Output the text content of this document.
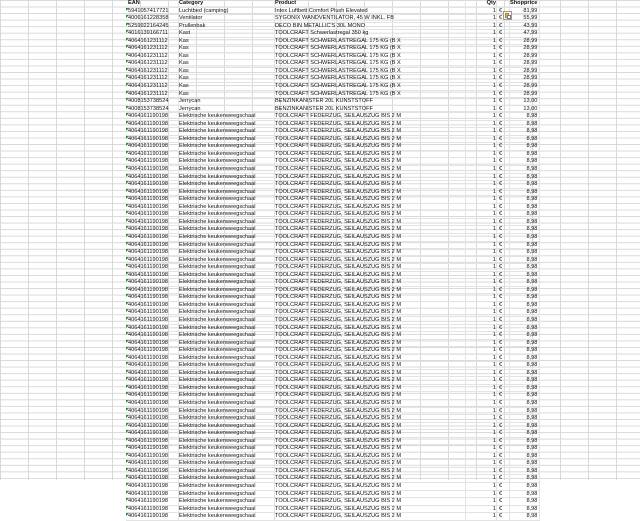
EAN	Category	Product	Qty		Shopprice

5941057417721	Luchtbed (camping)	Intex Luftbett Comfort Plush Elevated	1	€	81,99

4006161228358	Ventilator	SYGONIX WANDVENTILATOR, 45 W INKL. FB	1	€	55,99

5259922164245	Prullenbak	DECO BIN METALLIC'S 30L MONO	1	€	43,99

4016139166711	Kast	TOOLCRAFT Schwerlastregal 350 kg	1	€	47,99

4064161231112	Kas	TOOLCRAFT SCHWERLASTREGAL 175 KG (B X	1	€	28,99

4064161231112	Kas	TOOLCRAFT SCHWERLASTREGAL 175 KG (B X	1	€	28,99

4064161231112	Kas	TOOLCRAFT SCHWERLASTREGAL 175 KG (B X	1	€	28,99

4064161231112	Kas	TOOLCRAFT SCHWERLASTREGAL 175 KG (B X	1	€	28,99

4064161231112	Kas	TOOLCRAFT SCHWERLASTREGAL 175 KG (B X	1	€	28,99

4064161231112	Kas	TOOLCRAFT SCHWERLASTREGAL 175 KG (B X	1	€	28,99

4064161231112	Kas	TOOLCRAFT SCHWERLASTREGAL 175 KG (B X	1	€	28,99

4064161231112	Kas	TOOLCRAFT SCHWERLASTREGAL 175 KG (B X	1	€	28,99

4008153738524	Jerrycan	BENZINKANISTER 20L KUNSTSTOFF	1	€	13,00

4008153738524	Jerrycan	BENZINKANISTER 20L KUNSTSTOFF	1	€	13,00

4064161190198	Elektrische keukenweegschaal	TOOLCRAFT FEDERZUG, SEILAUSZUG BIS 2 M	1	€	8,98

4064161190198	Elektrische keukenweegschaal	TOOLCRAFT FEDERZUG, SEILAUSZUG BIS 2 M	1	€	8,98

4064161190198	Elektrische keukenweegschaal	TOOLCRAFT FEDERZUG, SEILAUSZUG BIS 2 M	1	€	8,98

4064161190198	Elektrische keukenweegschaal	TOOLCRAFT FEDERZUG, SEILAUSZUG BIS 2 M	1	€	8,98

4064161190198	Elektrische keukenweegschaal	TOOLCRAFT FEDERZUG, SEILAUSZUG BIS 2 M	1	€	8,98

4064161190198	Elektrische keukenweegschaal	TOOLCRAFT FEDERZUG, SEILAUSZUG BIS 2 M	1	€	8,98

4064161190198	Elektrische keukenweegschaal	TOOLCRAFT FEDERZUG, SEILAUSZUG BIS 2 M	1	€	8,98

4064161190198	Elektrische keukenweegschaal	TOOLCRAFT FEDERZUG, SEILAUSZUG BIS 2 M	1	€	8,98

4064161190198	Elektrische keukenweegschaal	TOOLCRAFT FEDERZUG, SEILAUSZUG BIS 2 M	1	€	8,98

4064161190198	Elektrische keukenweegschaal	TOOLCRAFT FEDERZUG, SEILAUSZUG BIS 2 M	1	€	8,98

4064161190198	Elektrische keukenweegschaal	TOOLCRAFT FEDERZUG, SEILAUSZUG BIS 2 M	1	€	8,98

4064161190198	Elektrische keukenweegschaal	TOOLCRAFT FEDERZUG, SEILAUSZUG BIS 2 M	1	€	8,98

4064161190198	Elektrische keukenweegschaal	TOOLCRAFT FEDERZUG, SEILAUSZUG BIS 2 M	1	€	8,98

4064161190198	Elektrische keukenweegschaal	TOOLCRAFT FEDERZUG, SEILAUSZUG BIS 2 M	1	€	8,98

4064161190198	Elektrische keukenweegschaal	TOOLCRAFT FEDERZUG, SEILAUSZUG BIS 2 M	1	€	8,98

4064161190198	Elektrische keukenweegschaal	TOOLCRAFT FEDERZUG, SEILAUSZUG BIS 2 M	1	€	8,98

4064161190198	Elektrische keukenweegschaal	TOOLCRAFT FEDERZUG, SEILAUSZUG BIS 2 M	1	€	8,98

4064161190198	Elektrische keukenweegschaal	TOOLCRAFT FEDERZUG, SEILAUSZUG BIS 2 M	1	€	8,98

4064161190198	Elektrische keukenweegschaal	TOOLCRAFT FEDERZUG, SEILAUSZUG BIS 2 M	1	€	8,98

4064161190198	Elektrische keukenweegschaal	TOOLCRAFT FEDERZUG, SEILAUSZUG BIS 2 M	1	€	8,98

4064161190198	Elektrische keukenweegschaal	TOOLCRAFT FEDERZUG, SEILAUSZUG BIS 2 M	1	€	8,98

4064161190198	Elektrische keukenweegschaal	TOOLCRAFT FEDERZUG, SEILAUSZUG BIS 2 M	1	€	8,98

4064161190198	Elektrische keukenweegschaal	TOOLCRAFT FEDERZUG, SEILAUSZUG BIS 2 M	1	€	8,98

4064161190198	Elektrische keukenweegschaal	TOOLCRAFT FEDERZUG, SEILAUSZUG BIS 2 M	1	€	8,98

4064161190198	Elektrische keukenweegschaal	TOOLCRAFT FEDERZUG, SEILAUSZUG BIS 2 M	1	€	8,98

4064161190198	Elektrische keukenweegschaal	TOOLCRAFT FEDERZUG, SEILAUSZUG BIS 2 M	1	€	8,98

4064161190198	Elektrische keukenweegschaal	TOOLCRAFT FEDERZUG, SEILAUSZUG BIS 2 M	1	€	8,98

4064161190198	Elektrische keukenweegschaal	TOOLCRAFT FEDERZUG, SEILAUSZUG BIS 2 M	1	€	8,98

4064161190198	Elektrische keukenweegschaal	TOOLCRAFT FEDERZUG, SEILAUSZUG BIS 2 M	1	€	8,98

4064161190198	Elektrische keukenweegschaal	TOOLCRAFT FEDERZUG, SEILAUSZUG BIS 2 M	1	€	8,98

4064161190198	Elektrische keukenweegschaal	TOOLCRAFT FEDERZUG, SEILAUSZUG BIS 2 M	1	€	8,98

4064161190198	Elektrische keukenweegschaal	TOOLCRAFT FEDERZUG, SEILAUSZUG BIS 2 M	1	€	8,98

4064161190198	Elektrische keukenweegschaal	TOOLCRAFT FEDERZUG, SEILAUSZUG BIS 2 M	1	€	8,98

4064161190198	Elektrische keukenweegschaal	TOOLCRAFT FEDERZUG, SEILAUSZUG BIS 2 M	1	€	8,98

4064161190198	Elektrische keukenweegschaal	TOOLCRAFT FEDERZUG, SEILAUSZUG BIS 2 M	1	€	8,98

4064161190198	Elektrische keukenweegschaal	TOOLCRAFT FEDERZUG, SEILAUSZUG BIS 2 M	1	€	8,98

4064161190198	Elektrische keukenweegschaal	TOOLCRAFT FEDERZUG, SEILAUSZUG BIS 2 M	1	€	8,98

4064161190198	Elektrische keukenweegschaal	TOOLCRAFT FEDERZUG, SEILAUSZUG BIS 2 M	1	€	8,98

4064161190198	Elektrische keukenweegschaal	TOOLCRAFT FEDERZUG, SEILAUSZUG BIS 2 M	1	€	8,98

4064161190198	Elektrische keukenweegschaal	TOOLCRAFT FEDERZUG, SEILAUSZUG BIS 2 M	1	€	8,98

4064161190198	Elektrische keukenweegschaal	TOOLCRAFT FEDERZUG, SEILAUSZUG BIS 2 M	1	€	8,98

4064161190198	Elektrische keukenweegschaal	TOOLCRAFT FEDERZUG, SEILAUSZUG BIS 2 M	1	€	8,98

4064161190198	Elektrische keukenweegschaal	TOOLCRAFT FEDERZUG, SEILAUSZUG BIS 2 M	1	€	8,98

4064161190198	Elektrische keukenweegschaal	TOOLCRAFT FEDERZUG, SEILAUSZUG BIS 2 M	1	€	8,98

4064161190198	Elektrische keukenweegschaal	TOOLCRAFT FEDERZUG, SEILAUSZUG BIS 2 M	1	€	8,98

4064161190198	Elektrische keukenweegschaal	TOOLCRAFT FEDERZUG, SEILAUSZUG BIS 2 M	1	€	8,98

4064161190198	Elektrische keukenweegschaal	TOOLCRAFT FEDERZUG, SEILAUSZUG BIS 2 M	1	€	8,98

4064161190198	Elektrische keukenweegschaal	TOOLCRAFT FEDERZUG, SEILAUSZUG BIS 2 M	1	€	8,98

4064161190198	Elektrische keukenweegschaal	TOOLCRAFT FEDERZUG, SEILAUSZUG BIS 2 M	1	€	8,98

4064161190198	Elektrische keukenweegschaal	TOOLCRAFT FEDERZUG, SEILAUSZUG BIS 2 M	1	€	8,98

4064161190198	Elektrische keukenweegschaal	TOOLCRAFT FEDERZUG, SEILAUSZUG BIS 2 M	1	€	8,98

4064161190198	Elektrische keukenweegschaal	TOOLCRAFT FEDERZUG, SEILAUSZUG BIS 2 M	1	€	8,98

4064161190198	Elektrische keukenweegschaal	TOOLCRAFT FEDERZUG, SEILAUSZUG BIS 2 M	1	€	8,98

4064161190198	Elektrische keukenweegschaal	TOOLCRAFT FEDERZUG, SEILAUSZUG BIS 2 M	1	€	8,98
